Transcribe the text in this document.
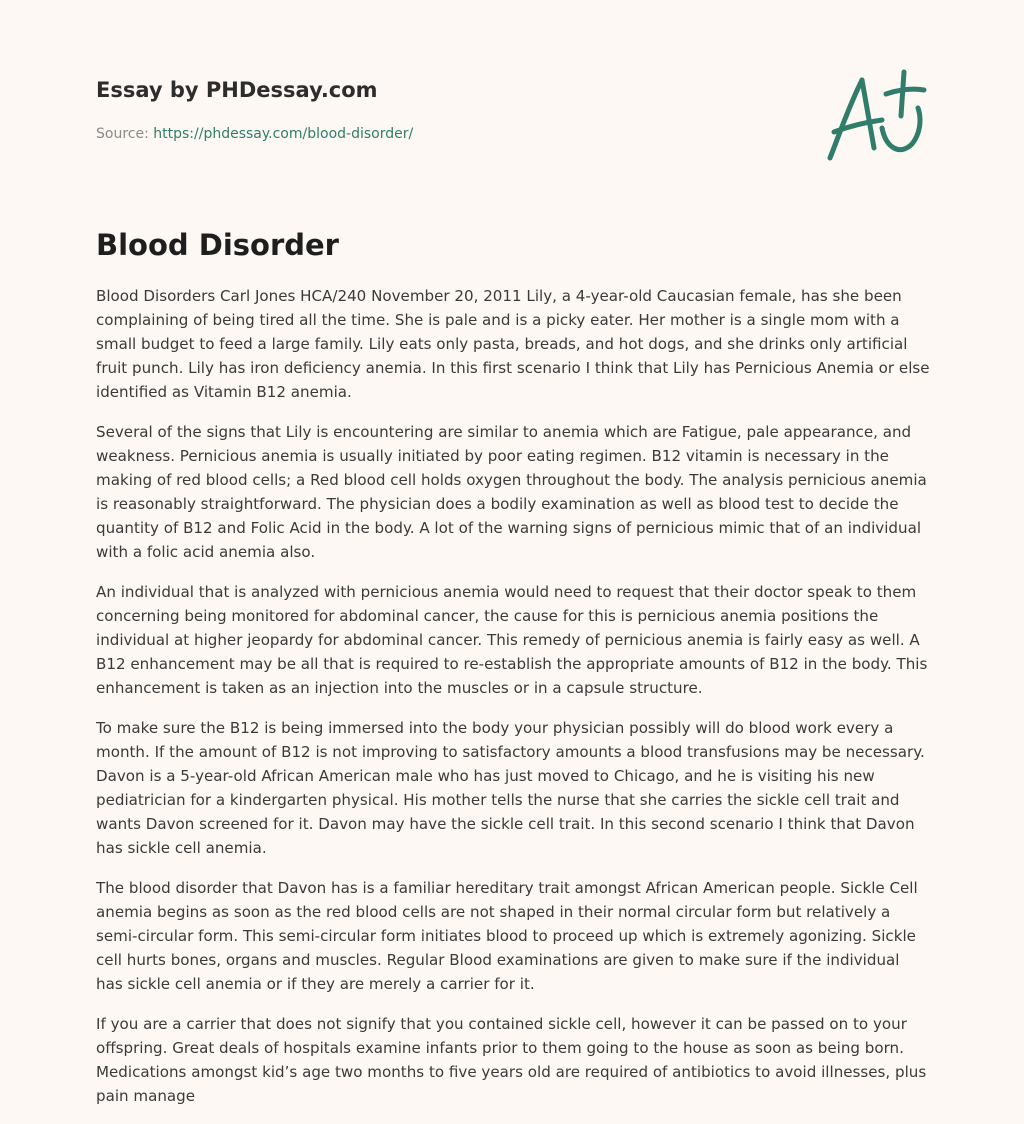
Essay by PHDessay.com
Source: https://phdessay.com/blood-disorder/
Blood Disorder

Blood Disorders Carl Jones HCA/240 November 20, 2011 Lily, a 4-year-old Caucasian female, has she been complaining of being tired all the time. She is pale and is a picky eater. Her mother is a single mom with a small budget to feed a large family. Lily eats only pasta, breads, and hot dogs, and she drinks only artificial fruit punch. Lily has iron deficiency anemia. In this first scenario I think that Lily has Pernicious Anemia or else identified as Vitamin B12 anemia.

Several of the signs that Lily is encountering are similar to anemia which are Fatigue, pale appearance, and weakness. Pernicious anemia is usually initiated by poor eating regimen. B12 vitamin is necessary in the making of red blood cells; a Red blood cell holds oxygen throughout the body. The analysis pernicious anemia is reasonably straightforward. The physician does a bodily examination as well as blood test to decide the quantity of B12 and Folic Acid in the body. A lot of the warning signs of pernicious mimic that of an individual with a folic acid anemia also.

An individual that is analyzed with pernicious anemia would need to request that their doctor speak to them concerning being monitored for abdominal cancer, the cause for this is pernicious anemia positions the individual at higher jeopardy for abdominal cancer. This remedy of pernicious anemia is fairly easy as well. A B12 enhancement may be all that is required to re-establish the appropriate amounts of B12 in the body. This enhancement is taken as an injection into the muscles or in a capsule structure.

To make sure the B12 is being immersed into the body your physician possibly will do blood work every a month. If the amount of B12 is not improving to satisfactory amounts a blood transfusions may be necessary. Davon is a 5-year-old African American male who has just moved to Chicago, and he is visiting his new pediatrician for a kindergarten physical. His mother tells the nurse that she carries the sickle cell trait and wants Davon screened for it. Davon may have the sickle cell trait. In this second scenario I think that Davon has sickle cell anemia.

The blood disorder that Davon has is a familiar hereditary trait amongst African American people. Sickle Cell anemia begins as soon as the red blood cells are not shaped in their normal circular form but relatively a semi-circular form. This semi-circular form initiates blood to proceed up which is extremely agonizing. Sickle cell hurts bones, organs and muscles. Regular Blood examinations are given to make sure if the individual has sickle cell anemia or if they are merely a carrier for it.

If you are a carrier that does not signify that you contained sickle cell, however it can be passed on to your offspring. Great deals of hospitals examine infants prior to them going to the house as soon as being born. Medications amongst kid’s age two months to five years old are required of antibiotics to avoid illnesses, plus pain manage
